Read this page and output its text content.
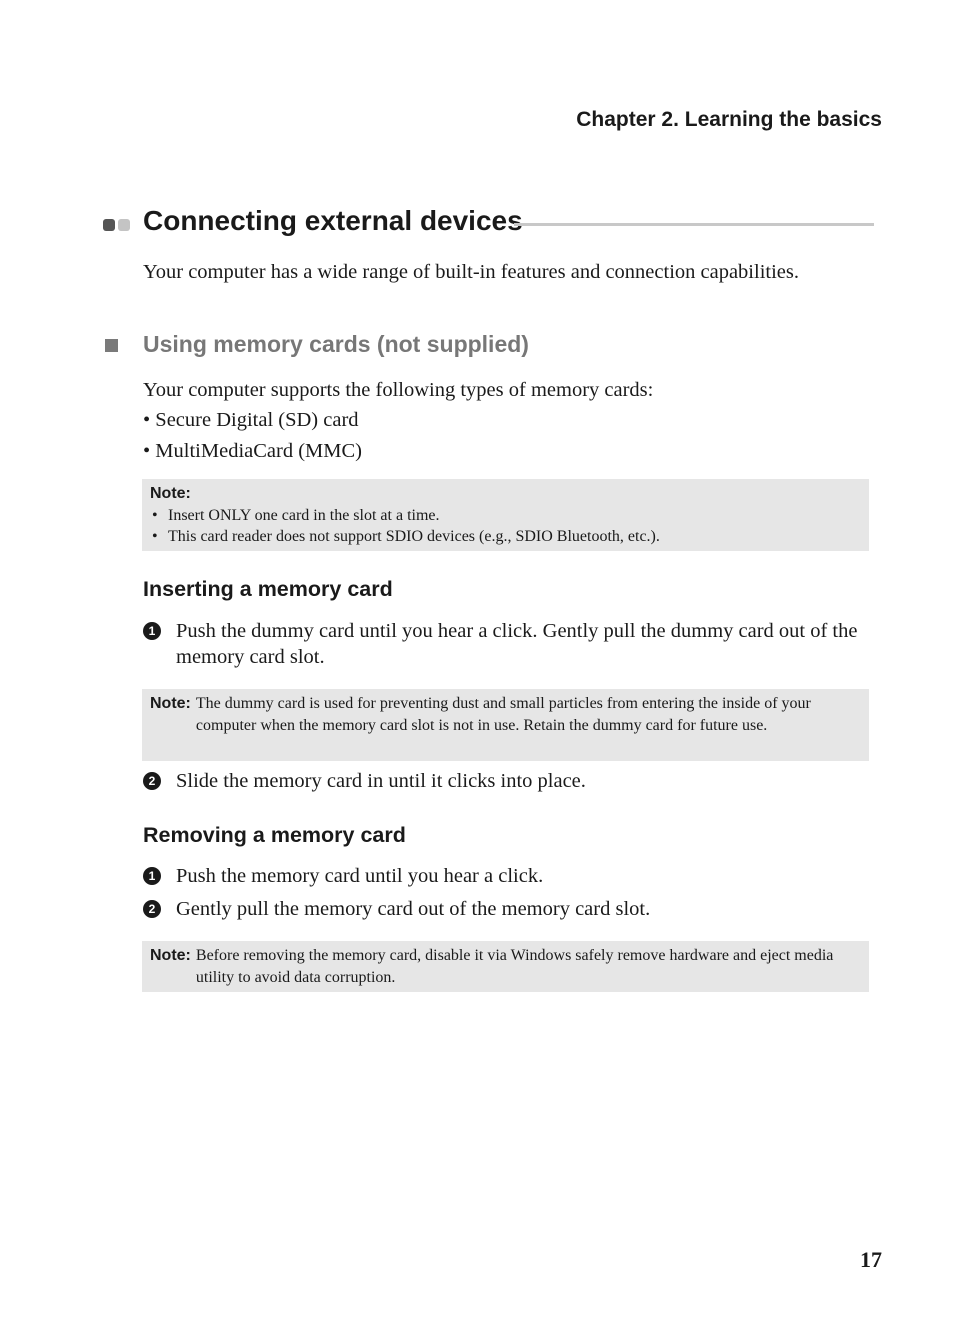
Chapter 2. Learning the basics
Connecting external devices
Your computer has a wide range of built-in features and connection capabilities.
Using memory cards (not supplied)
Your computer supports the following types of memory cards:
• Secure Digital (SD) card
• MultiMediaCard (MMC)
Note:
• Insert ONLY one card in the slot at a time.
• This card reader does not support SDIO devices (e.g., SDIO Bluetooth, etc.).
Inserting a memory card
1 Push the dummy card until you hear a click. Gently pull the dummy card out of the memory card slot.
Note: The dummy card is used for preventing dust and small particles from entering the inside of your computer when the memory card slot is not in use. Retain the dummy card for future use.
2 Slide the memory card in until it clicks into place.
Removing a memory card
1 Push the memory card until you hear a click.
2 Gently pull the memory card out of the memory card slot.
Note: Before removing the memory card, disable it via Windows safely remove hardware and eject media utility to avoid data corruption.
17
